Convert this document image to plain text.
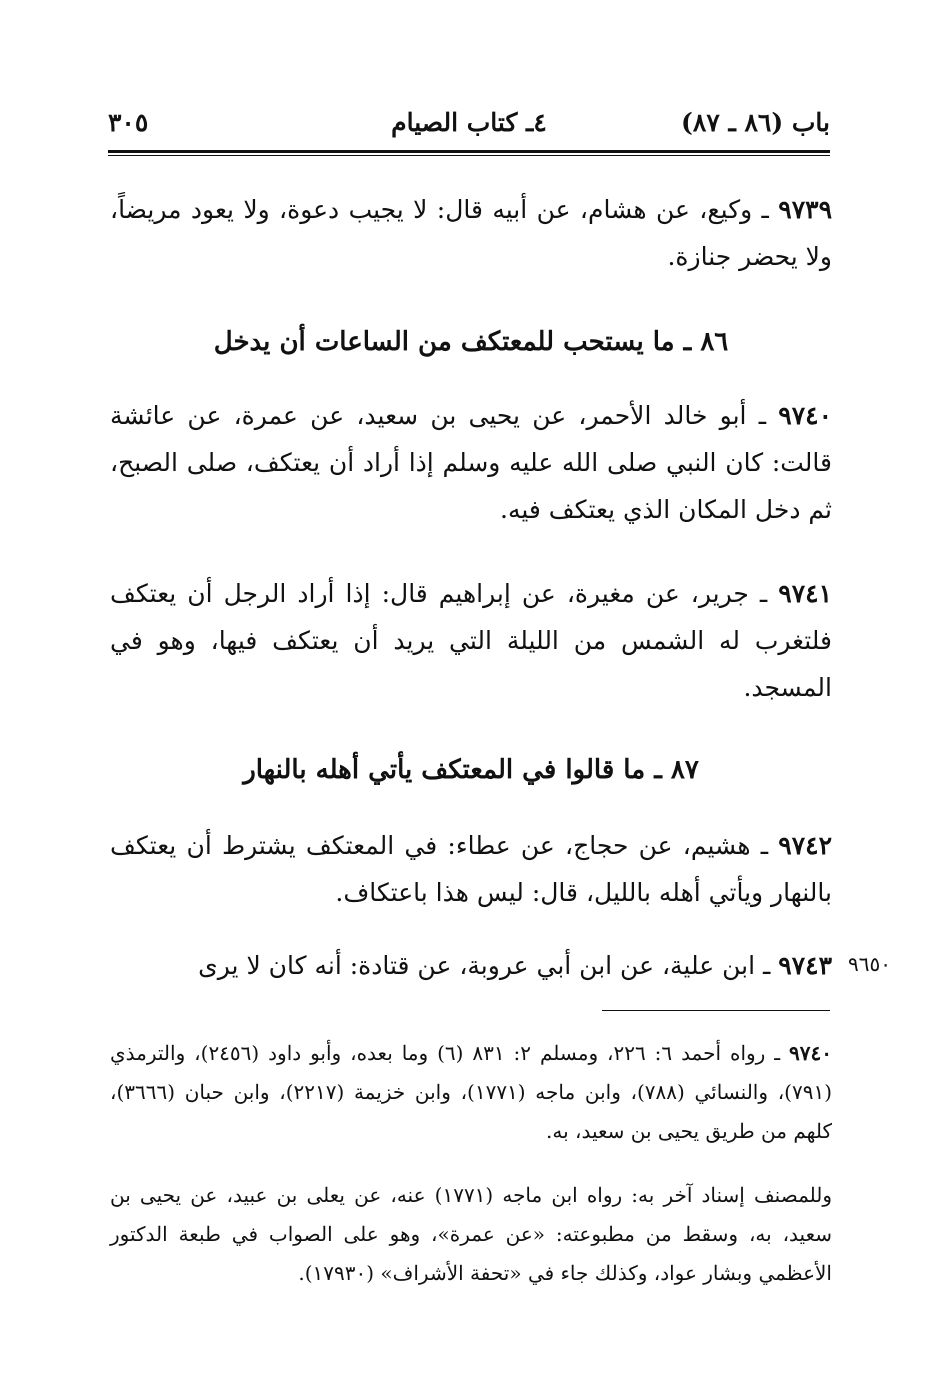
باب (٨٦ ـ ٨٧)
٤ـ كتاب الصيام
٣٠٥
٩٧٣٩ ـ وكيع، عن هشام، عن أبيه قال: لا يجيب دعوة، ولا يعود مريضاً، ولا يحضر جنازة.
٨٦ ـ ما يستحب للمعتكف من الساعات أن يدخل
٩٧٤٠ ـ أبو خالد الأحمر، عن يحيى بن سعيد، عن عمرة، عن عائشة قالت: كان النبي صلى الله عليه وسلم إذا أراد أن يعتكف، صلى الصبح، ثم دخل المكان الذي يعتكف فيه.
٩٧٤١ ـ جرير، عن مغيرة، عن إبراهيم قال: إذا أراد الرجل أن يعتكف فلتغرب له الشمس من الليلة التي يريد أن يعتكف فيها، وهو في المسجد.
٨٧ ـ ما قالوا في المعتكف يأتي أهله بالنهار
٩٧٤٢ ـ هشيم، عن حجاج، عن عطاء: في المعتكف يشترط أن يعتكف بالنهار ويأتي أهله بالليل، قال: ليس هذا باعتكاف.
٩٧٤٣ ـ ابن علية، عن ابن أبي عروبة، عن قتادة: أنه كان لا يرى	٩٦٥٠
٩٧٤٠ ـ رواه أحمد ٦: ٢٢٦، ومسلم ٢: ٨٣١ (٦) وما بعده، وأبو داود (٢٤٥٦)، والترمذي (٧٩١)، والنسائي (٧٨٨)، وابن ماجه (١٧٧١)، وابن خزيمة (٢٢١٧)، وابن حبان (٣٦٦٦)، كلهم من طريق يحيى بن سعيد، به.
وللمصنف إسناد آخر به: رواه ابن ماجه (١٧٧١) عنه، عن يعلى بن عبيد، عن يحيى بن سعيد، به، وسقط من مطبوعته: «عن عمرة»، وهو على الصواب في طبعة الدكتور الأعظمي وبشار عواد، وكذلك جاء في «تحفة الأشراف» (١٧٩٣٠).
